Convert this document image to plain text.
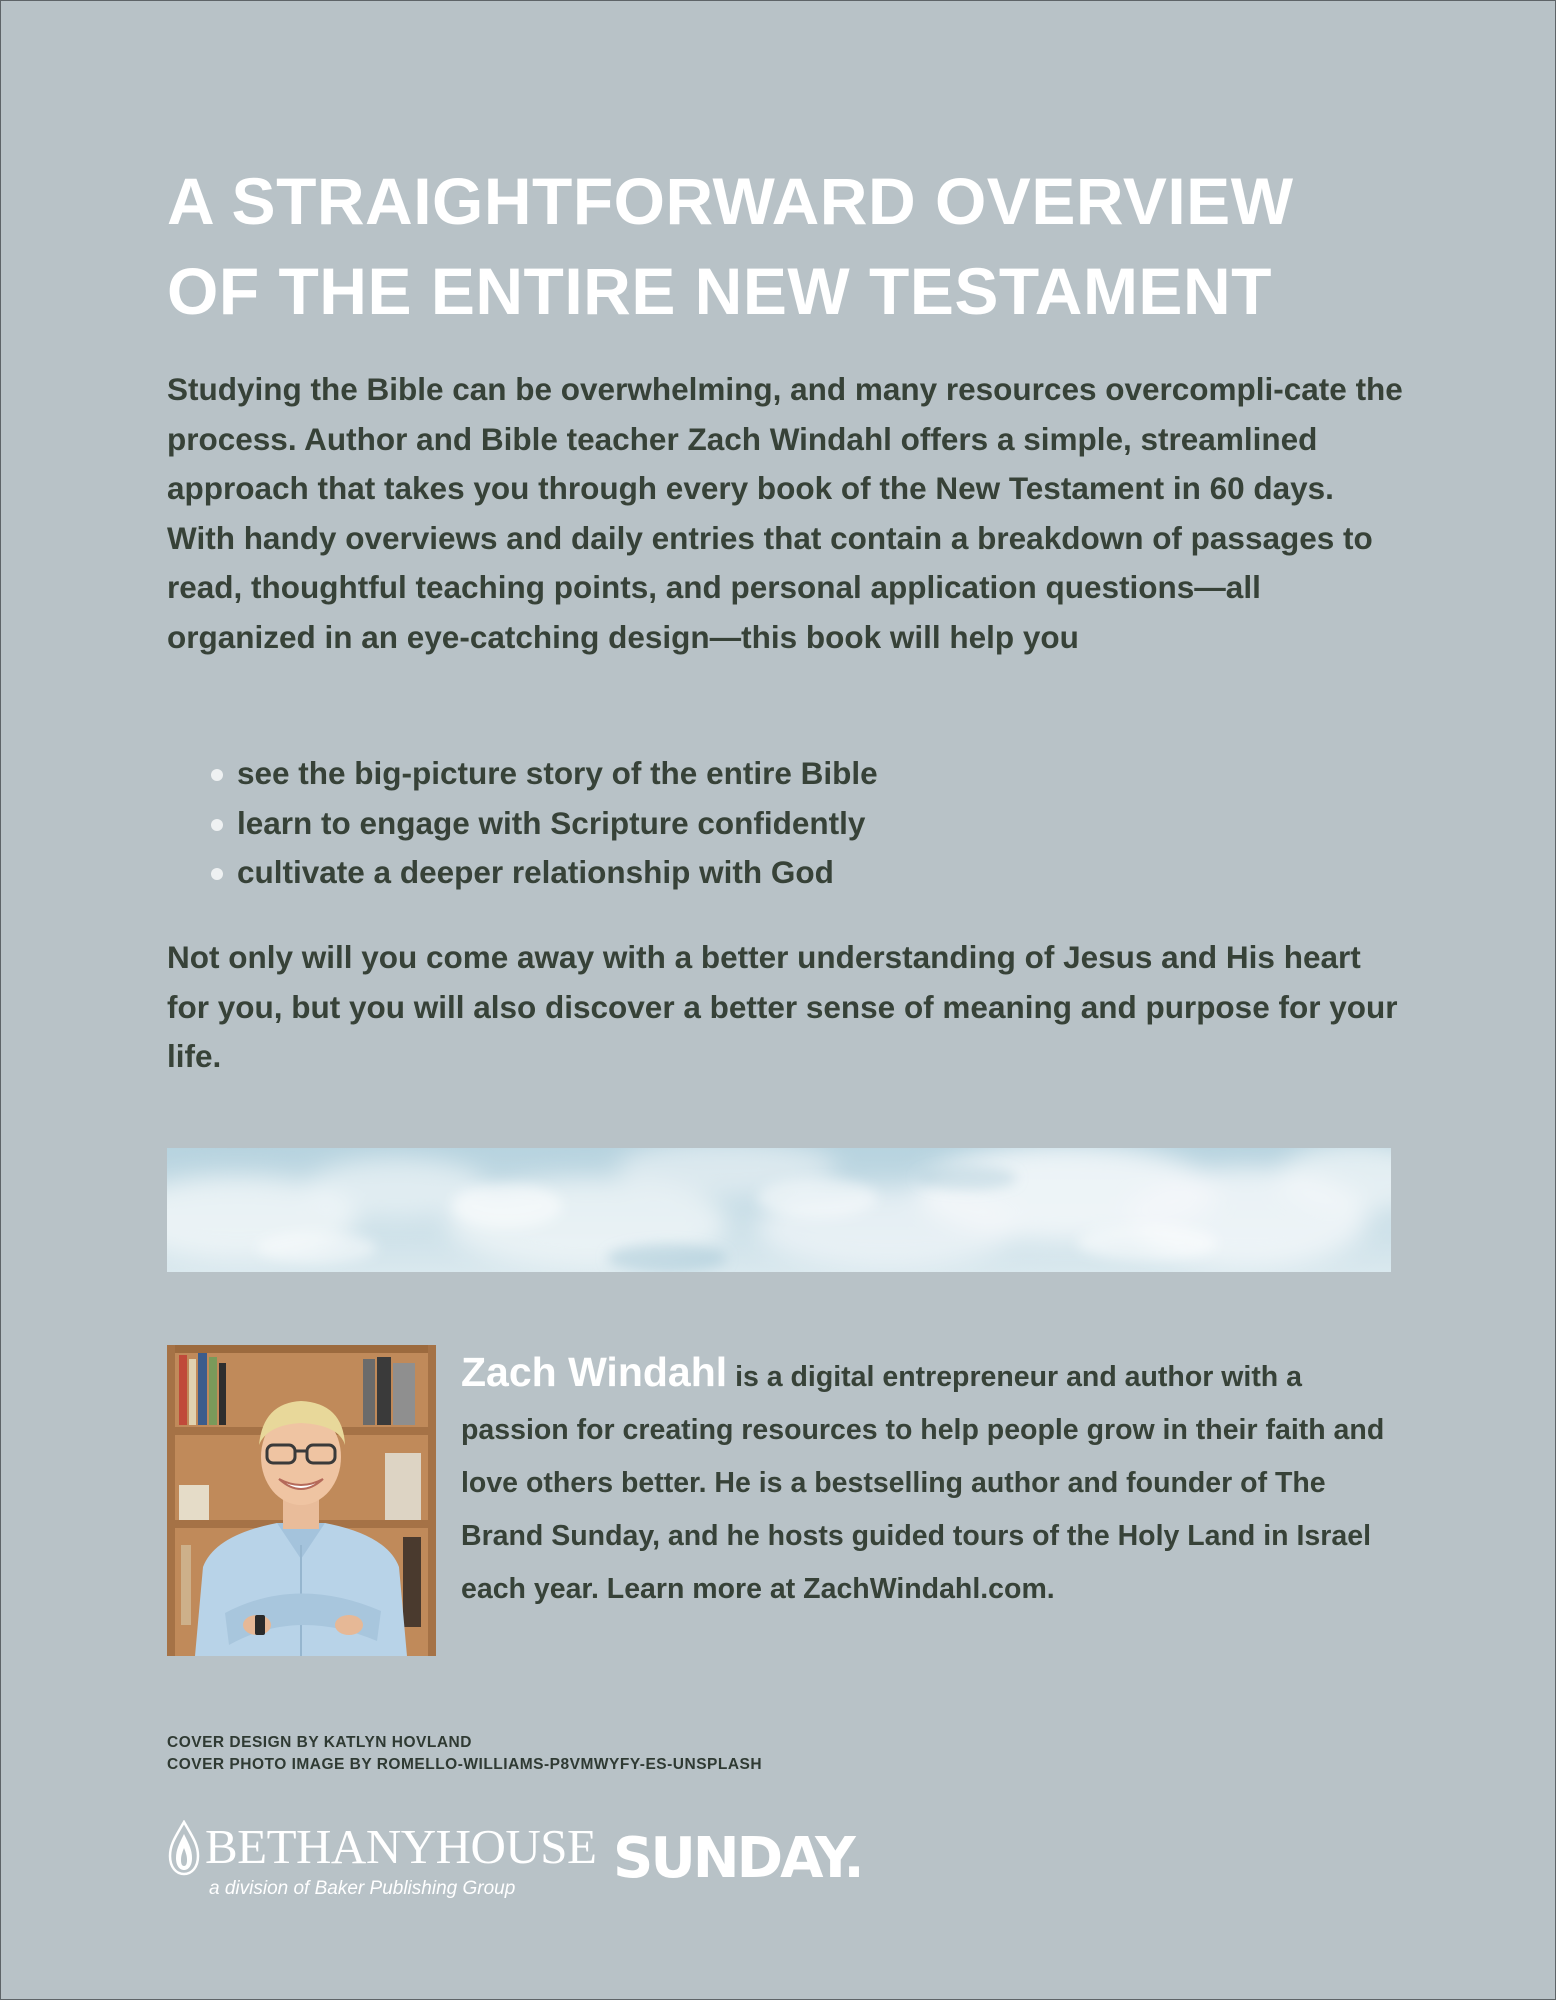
A STRAIGHTFORWARD OVERVIEW
OF THE ENTIRE NEW TESTAMENT

Studying the Bible can be overwhelming, and many resources overcompli-cate the process. Author and Bible teacher Zach Windahl offers a simple, streamlined approach that takes you through every book of the New Testament in 60 days. With handy overviews and daily entries that contain a breakdown of passages to read, thoughtful teaching points, and personal application questions—all organized in an eye-catching design—this book will help you

see the big-picture story of the entire Bible
learn to engage with Scripture confidently
cultivate a deeper relationship with God

Not only will you come away with a better understanding of Jesus and His heart for you, but you will also discover a better sense of meaning and purpose for your life.

Zach Windahl is a digital entrepreneur and author with a passion for creating resources to help people grow in their faith and love others better. He is a bestselling author and founder of The Brand Sunday, and he hosts guided tours of the Holy Land in Israel each year. Learn more at ZachWindahl.com.

COVER DESIGN BY KATLYN HOVLAND
COVER PHOTO IMAGE BY ROMELLO-WILLIAMS-P8VMWYFY-ES-UNSPLASH

BETHANYHOUSE
a division of Baker Publishing Group SUNDAY.
